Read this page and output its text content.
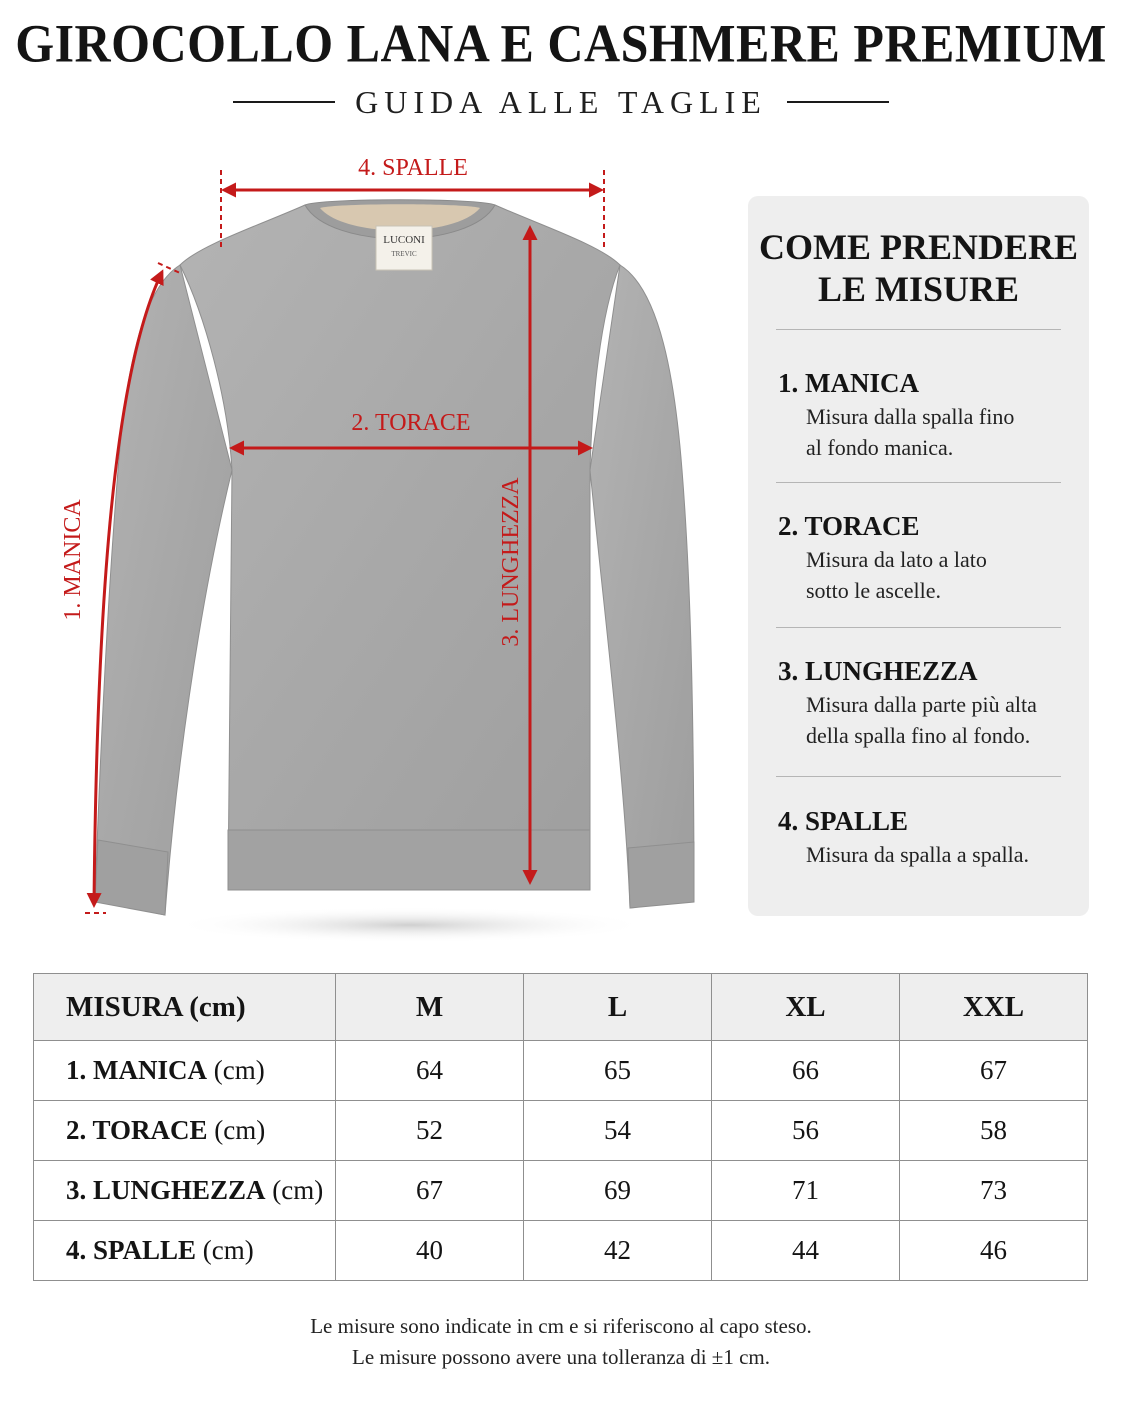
GIROCOLLO LANA E CASHMERE PREMIUM
GUIDA ALLE TAGLIE
LUCONI
TREVIC
4. SPALLE
2. TORACE
3. LUNGHEZZA
1. MANICA
COME PRENDERE
LE MISURE
1. MANICA
Misura dalla spalla fino
al fondo manica.
2. TORACE
Misura da lato a lato
sotto le ascelle.
3. LUNGHEZZA
Misura dalla parte più alta
della spalla fino al fondo.
4. SPALLE
Misura da spalla a spalla.
MISURA (cm)	M	L	XL	XXL
1. MANICA (cm)	64	65	66	67
2. TORACE (cm)	52	54	56	58
3. LUNGHEZZA (cm)	67	69	71	73
4. SPALLE (cm)	40	42	44	46
Le misure sono indicate in cm e si riferiscono al capo steso.
Le misure possono avere una tolleranza di ±1 cm.
